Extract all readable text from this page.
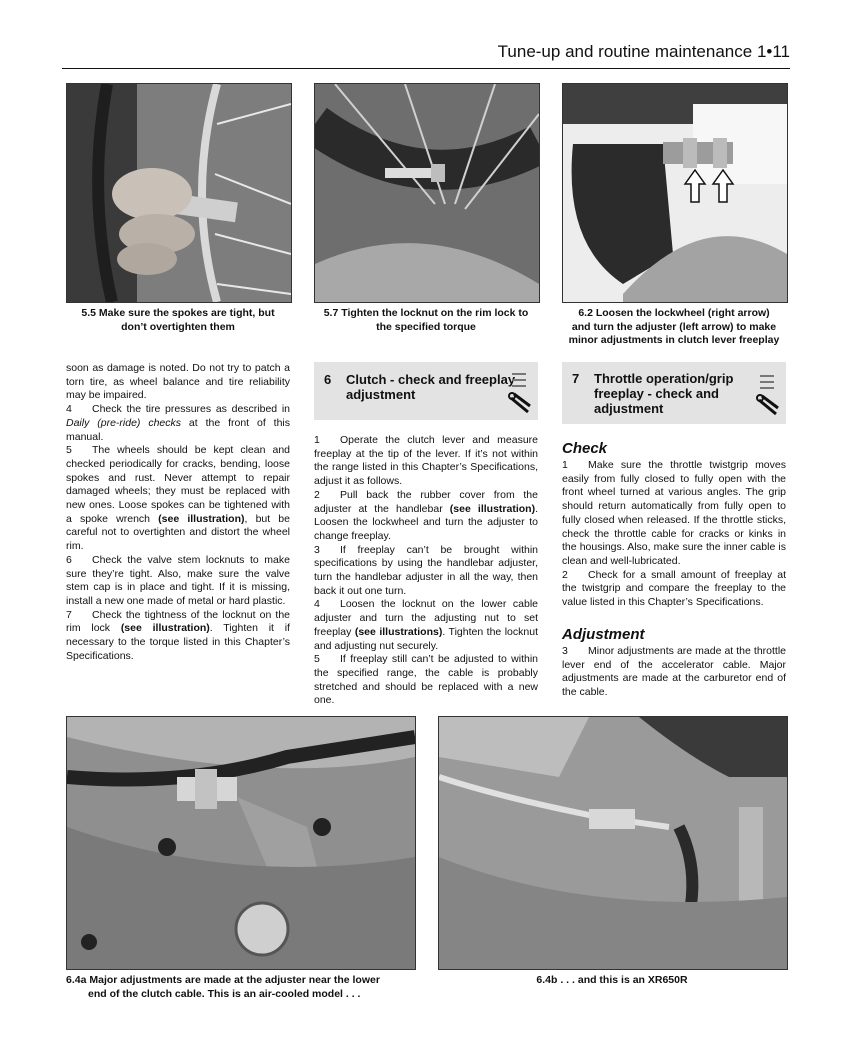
Tune-up and routine maintenance 1•11
5.5 Make sure the spokes are tight, but
don’t overtighten them
5.7 Tighten the locknut on the rim lock to
the specified torque
6.2 Loosen the lockwheel (right arrow)
and turn the adjuster (left arrow) to make
minor adjustments in clutch lever freeplay

soon as damage is noted. Do not try to patch a torn tire, as wheel balance and tire reliability may be impaired.

4 Check the tire pressures as described in Daily (pre-ride) checks at the front of this manual.

5 The wheels should be kept clean and checked periodically for cracks, bending, loose spokes and rust. Never attempt to repair damaged wheels; they must be replaced with new ones. Loose spokes can be tightened with a spoke wrench (see illustration), but be careful not to overtighten and distort the wheel rim.

6 Check the valve stem locknuts to make sure they’re tight. Also, make sure the valve stem cap is in place and tight. If it is missing, install a new one made of metal or hard plastic.

7 Check the tightness of the locknut on the rim lock (see illustration). Tighten it if necessary to the torque listed in this Chapter’s Specifications.

6 Clutch - check and freeplay
adjustment

1 Operate the clutch lever and measure freeplay at the tip of the lever. If it’s not within the range listed in this Chapter’s Specifications, adjust it as follows.

2 Pull back the rubber cover from the adjuster at the handlebar (see illustration). Loosen the lockwheel and turn the adjuster to change freeplay.

3 If freeplay can’t be brought within specifications by using the handlebar adjuster, turn the handlebar adjuster in all the way, then back it out one turn.

4 Loosen the locknut on the lower cable adjuster and turn the adjusting nut to set freeplay (see illustrations). Tighten the locknut and adjusting nut securely.

5 If freeplay still can’t be adjusted to within the specified range, the cable is probably stretched and should be replaced with a new one.

7 Throttle operation/grip
freeplay - check and
adjustment
Check

1 Make sure the throttle twistgrip moves easily from fully closed to fully open with the front wheel turned at various angles. The grip should return automatically from fully open to fully closed when released. If the throttle sticks, check the throttle cable for cracks or kinks in the housings. Also, make sure the inner cable is clean and well-lubricated.

2 Check for a small amount of freeplay at the twistgrip and compare the freeplay to the value listed in this Chapter’s Specifications.

Adjustment

3 Minor adjustments are made at the throttle lever end of the accelerator cable. Major adjustments are made at the carburetor end of the cable.

6.4a Major adjustments are made at the adjuster near the lower
end of the clutch cable. This is an air-cooled model . . .
6.4b . . . and this is an XR650R
